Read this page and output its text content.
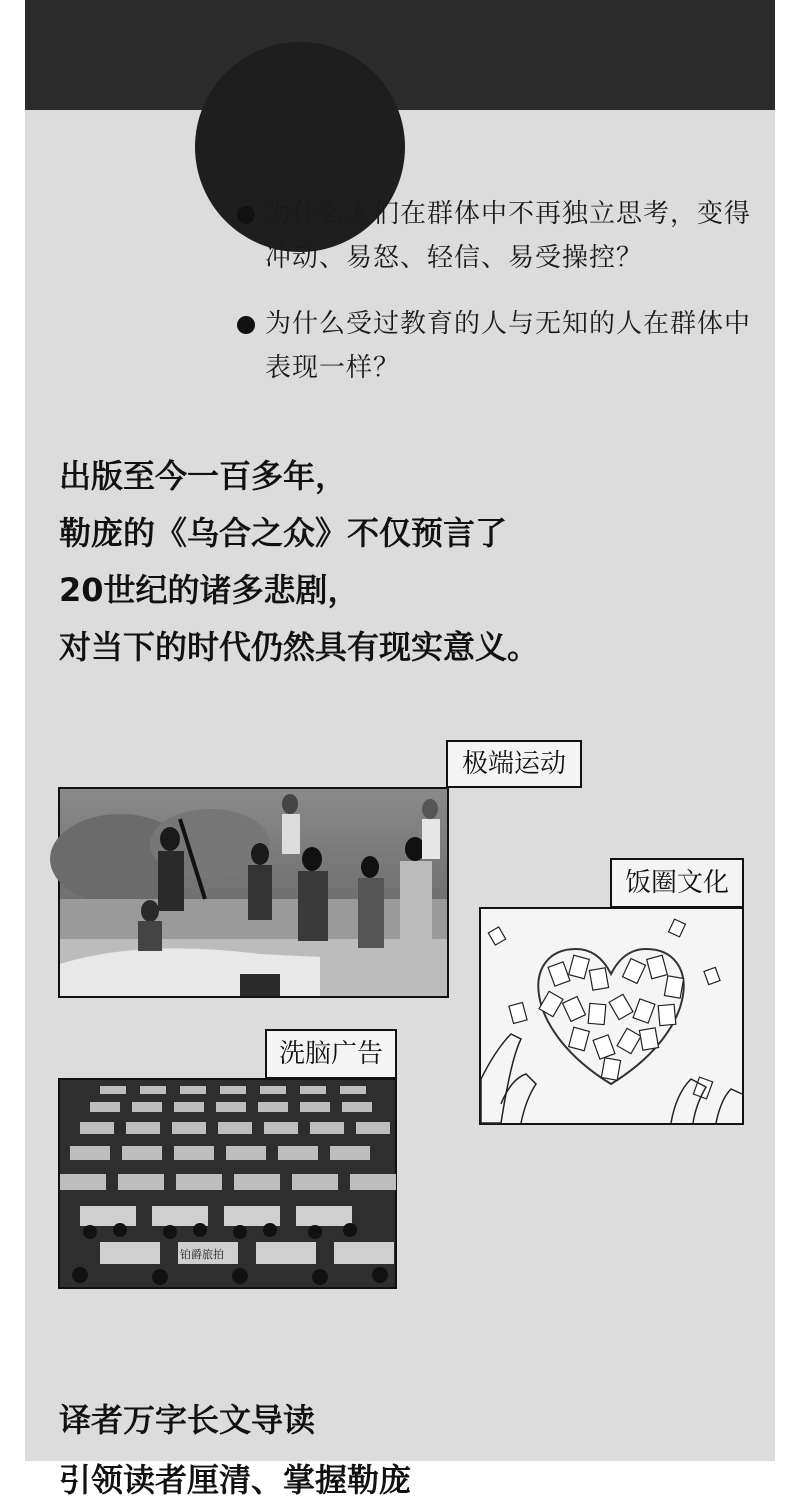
为什么人们在群体中不再独立思考，变得冲动、易怒、轻信、易受操控？
为什么受过教育的人与无知的人在群体中表现一样？
出版至今一百多年，
勒庞的《乌合之众》不仅预言了
20世纪的诸多悲剧，
对当下的时代仍然具有现实意义。
极端运动
饭圈文化
洗脑广告
铂爵旅拍
译者万字长文导读
引领读者厘清、掌握勒庞
